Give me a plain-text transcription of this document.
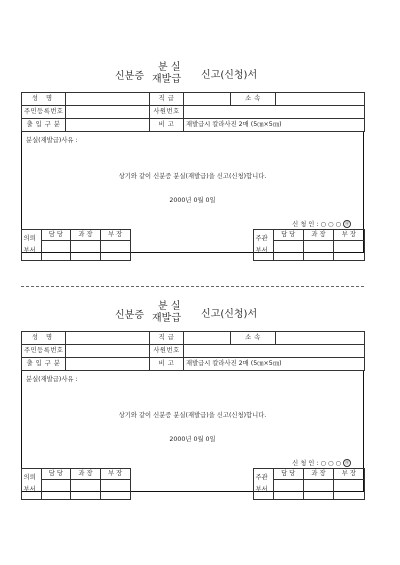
신분증
분 실
재발급 신고(신청)서
성 명		직 급		소 속	
주민등록번호		사원번호			
출 입 구 분		비 고	재발급시 칼라사진 2매 (5㎝×5㎝)		
분실(재발급)사유 :
상기와 같이 신분증 분실(재발급)을 신고(신청)합니다.
2000년 0월 0일
신 청 인 : ○ ○ ○ ㊞
의뢰 부서	담 당	과 장	부 장

주관 부서	담 당	과 장	부 장

신분증
분 실
재발급 신고(신청)서
성 명		직 급		소 속	
주민등록번호		사원번호			
출 입 구 분		비 고	재발급시 칼라사진 2매 (5㎝×5㎝)		
분실(재발급)사유 :
상기와 같이 신분증 분실(재발급)을 신고(신청)합니다.
2000년 0월 0일
신 청 인 : ○ ○ ○ ㊞
의뢰 부서	담 당	과 장	부 장

주관 부서	담 당	과 장	부 장
